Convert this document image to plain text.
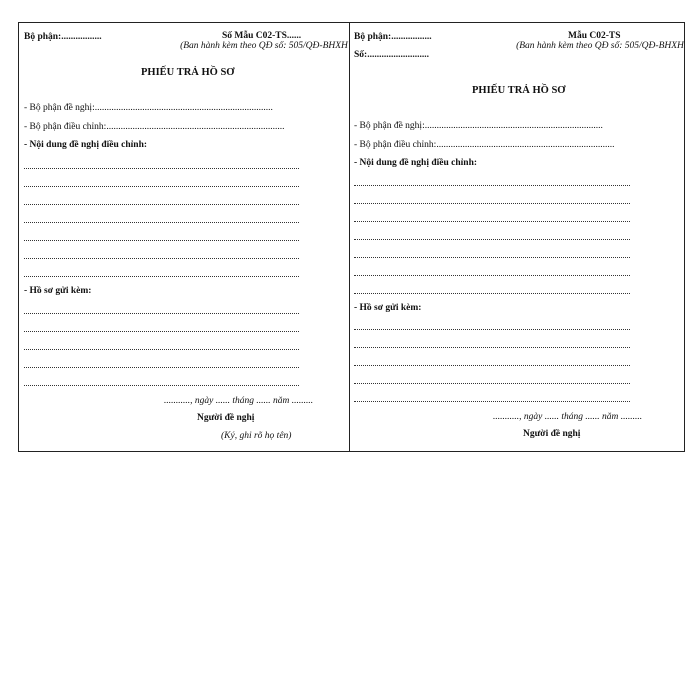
Bộ phận:.................	Số Mẫu C02-TS......
(Ban hành kèm theo QĐ số: 505/QĐ-BHXH
PHIẾU TRẢ HỒ SƠ
- Bộ phận đề nghị:...........................................................................
- Bộ phận điều chỉnh:...........................................................................
- Nội dung đề nghị điều chỉnh:
- Hồ sơ gửi kèm:
..........., ngày ...... tháng ...... năm .........
Người đề nghị
(Ký, ghi rõ họ tên)
Bộ phận:.................
Số:..........................
Mẫu C02-TS
(Ban hành kèm theo QĐ số: 505/QĐ-BHXH
PHIẾU TRẢ HỒ SƠ
- Bộ phận đề nghị:...........................................................................
- Bộ phận điều chỉnh:...........................................................................
- Nội dung đề nghị điều chỉnh:
- Hồ sơ gửi kèm:
..........., ngày ...... tháng ...... năm .........
Người đề nghị
